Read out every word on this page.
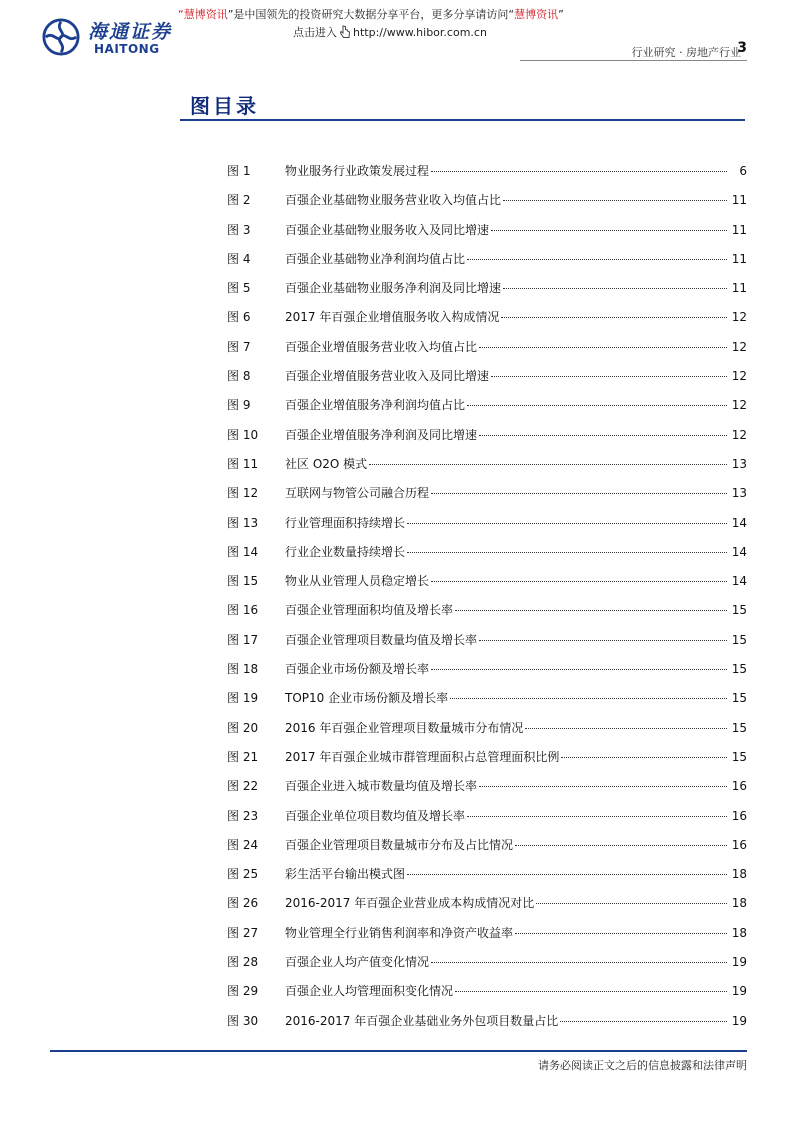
海通证券
HAITONG
“慧博资讯”是中国领先的投资研究大数据分享平台，更多分享请访问“慧博资讯”
点击进入 http://www.hibor.com.cn
行业研究 · 房地产行业
3
图目录
图 1	物业服务行业政策发展过程	6
图 2	百强企业基础物业服务营业收入均值占比	11
图 3	百强企业基础物业服务收入及同比增速	11
图 4	百强企业基础物业净利润均值占比	11
图 5	百强企业基础物业服务净利润及同比增速	11
图 6	2017 年百强企业增值服务收入构成情况	12
图 7	百强企业增值服务营业收入均值占比	12
图 8	百强企业增值服务营业收入及同比增速	12
图 9	百强企业增值服务净利润均值占比	12
图 10	百强企业增值服务净利润及同比增速	12
图 11	社区 O2O 模式	13
图 12	互联网与物管公司融合历程	13
图 13	行业管理面积持续增长	14
图 14	行业企业数量持续增长	14
图 15	物业从业管理人员稳定增长	14
图 16	百强企业管理面积均值及增长率	15
图 17	百强企业管理项目数量均值及增长率	15
图 18	百强企业市场份额及增长率	15
图 19	TOP10 企业市场份额及增长率	15
图 20	2016 年百强企业管理项目数量城市分布情况	15
图 21	2017 年百强企业城市群管理面积占总管理面积比例	15
图 22	百强企业进入城市数量均值及增长率	16
图 23	百强企业单位项目数均值及增长率	16
图 24	百强企业管理项目数量城市分布及占比情况	16
图 25	彩生活平台输出模式图	18
图 26	2016-2017 年百强企业营业成本构成情况对比	18
图 27	物业管理全行业销售利润率和净资产收益率	18
图 28	百强企业人均产值变化情况	19
图 29	百强企业人均管理面积变化情况	19
图 30	2016-2017 年百强企业基础业务外包项目数量占比	19
请务必阅读正文之后的信息披露和法律声明
